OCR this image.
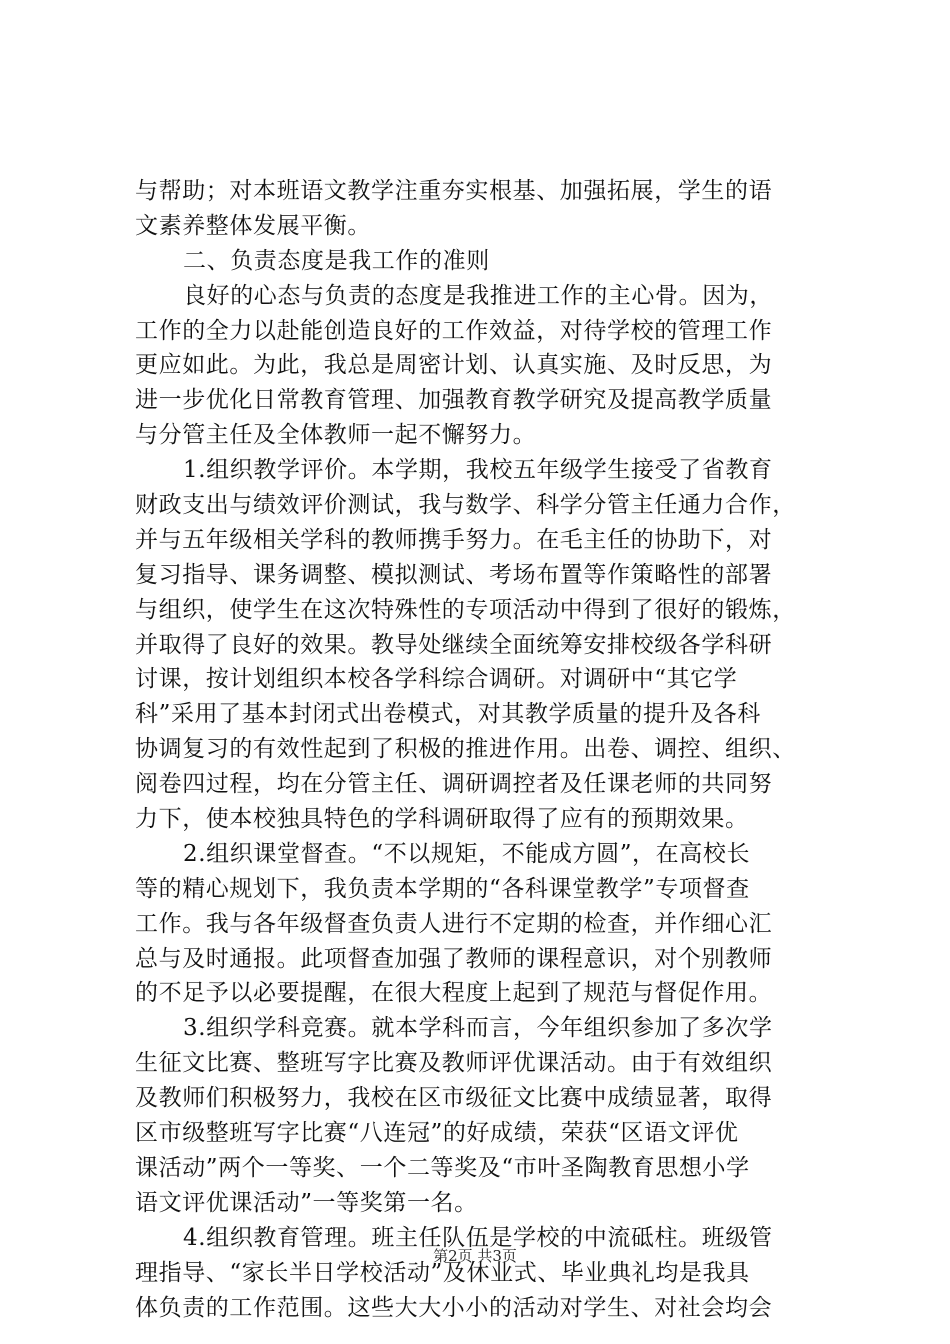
与帮助；对本班语文教学注重夯实根基、加强拓展，学生的语
文素养整体发展平衡。
二、负责态度是我工作的准则
良好的心态与负责的态度是我推进工作的主心骨。因为，
工作的全力以赴能创造良好的工作效益，对待学校的管理工作
更应如此。为此，我总是周密计划、认真实施、及时反思，为
进一步优化日常教育管理、加强教育教学研究及提高教学质量
与分管主任及全体教师一起不懈努力。
1.组织教学评价。本学期，我校五年级学生接受了省教育
财政支出与绩效评价测试，我与数学、科学分管主任通力合作，
并与五年级相关学科的教师携手努力。在毛主任的协助下，对
复习指导、课务调整、模拟测试、考场布置等作策略性的部署
与组织，使学生在这次特殊性的专项活动中得到了很好的锻炼，
并取得了良好的效果。教导处继续全面统筹安排校级各学科研
讨课，按计划组织本校各学科综合调研。对调研中“其它学
科”采用了基本封闭式出卷模式，对其教学质量的提升及各科
协调复习的有效性起到了积极的推进作用。出卷、调控、组织、
阅卷四过程，均在分管主任、调研调控者及任课老师的共同努
力下，使本校独具特色的学科调研取得了应有的预期效果。
2.组织课堂督查。“不以规矩，不能成方圆”，在高校长
等的精心规划下，我负责本学期的“各科课堂教学”专项督查
工作。我与各年级督查负责人进行不定期的检查，并作细心汇
总与及时通报。此项督查加强了教师的课程意识，对个别教师
的不足予以必要提醒，在很大程度上起到了规范与督促作用。
3.组织学科竞赛。就本学科而言，今年组织参加了多次学
生征文比赛、整班写字比赛及教师评优课活动。由于有效组织
及教师们积极努力，我校在区市级征文比赛中成绩显著，取得
区市级整班写字比赛“八连冠”的好成绩，荣获“区语文评优
课活动”两个一等奖、一个二等奖及“市叶圣陶教育思想小学
语文评优课活动”一等奖第一名。
4.组织教育管理。班主任队伍是学校的中流砥柱。班级管
理指导、“家长半日学校活动”及休业式、毕业典礼均是我具
体负责的工作范围。这些大大小小的活动对学生、对社会均会
第2页 共3页
